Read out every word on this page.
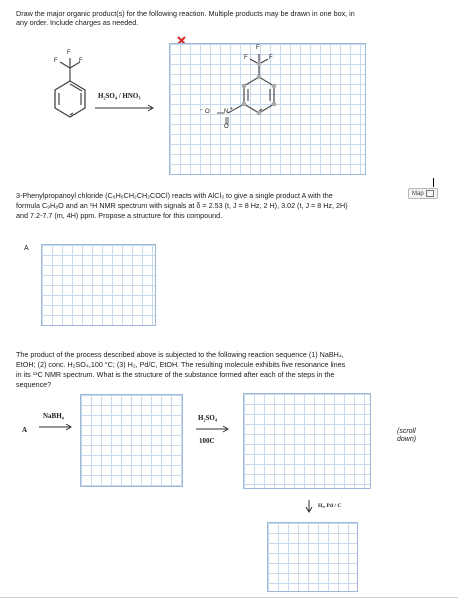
Draw the major organic product(s) for the following reaction. Multiple products may be drawn in one box, in
any order. Include charges as needed.
F
F	F
H₂SO₄ / HNO₃
F
F	F
O N +
O
–
3-Phenylpropanoyl chloride (C₆H₅CH₂CH₂COCl) reacts with AlCl₃ to give a single product A with the
formula C₉H₈O and an ¹H NMR spectrum with signals at δ = 2.53 (t, J = 8 Hz, 2 H), 3.02 (t, J = 8 Hz, 2H)
and 7.2-7.7 (m, 4H) ppm. Propose a structure for this compound.
Map
A
The product of the process described above is subjected to the following reaction sequence (1) NaBH₄,
EtOH; (2) conc. H₂SO₄,100 °C; (3) H₂, Pd/C, EtOH. The resulting molecule exhibits five resonance lines
in its ¹³C NMR spectrum. What is the structure of the substance formed after each of the steps in the
sequence?
A
NaBH₄	H₂SO₄
100C
(scroll
down)
H₂, Pd / C
